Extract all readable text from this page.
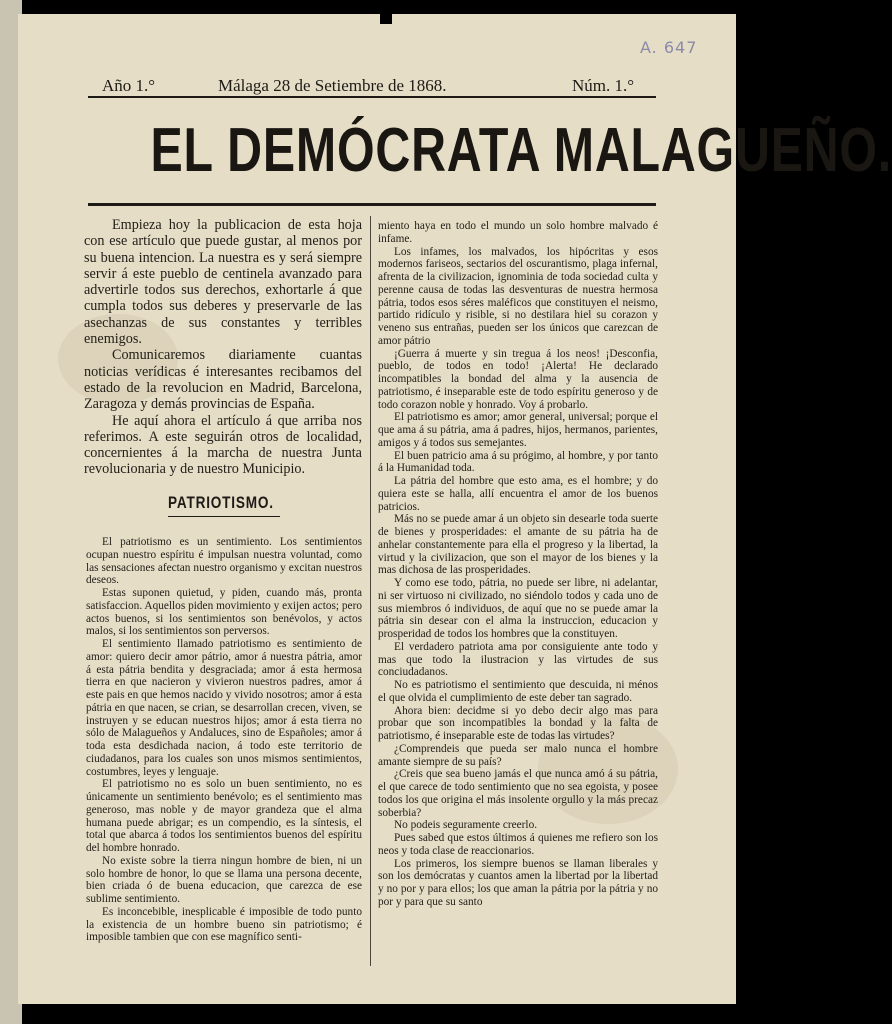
A. 647
Año 1.°	Málaga 28 de Setiembre de 1868.	Núm. 1.°
EL DEMÓCRATA MALAGUEÑO.

Empieza hoy la publicacion de esta hoja con ese artículo que puede gustar, al menos por su buena intencion. La nuestra es y será siempre servir á este pueblo de centinela avanzado para advertirle todos sus derechos, exhortarle á que cumpla todos sus deberes y preservarle de las asechanzas de sus constantes y terribles enemigos.

Comunicaremos diariamente cuantas noticias verídicas é interesantes recibamos del estado de la revolucion en Madrid, Barcelona, Zaragoza y demás provincias de España.

He aquí ahora el artículo á que arriba nos referimos. A este seguirán otros de localidad, concernientes á la marcha de nuestra Junta revolucionaria y de nuestro Municipio.

PATRIOTISMO.

El patriotismo es un sentimiento. Los sentimientos ocupan nuestro espíritu é impulsan nuestra voluntad, como las sensaciones afectan nuestro organismo y excitan nuestros deseos.

Estas suponen quietud, y piden, cuando más, pronta satisfaccion. Aquellos piden movimiento y exijen actos; pero actos buenos, si los sentimientos son benévolos, y actos malos, si los sentimientos son perversos.

El sentimiento llamado patriotismo es sentimiento de amor: quiero decir amor pátrio, amor á nuestra pátria, amor á esta pátria bendita y desgraciada; amor á esta hermosa tierra en que nacieron y vivieron nuestros padres, amor á este pais en que hemos nacido y vivido nosotros; amor á esta pátria en que nacen, se crian, se desarrollan crecen, viven, se instruyen y se educan nuestros hijos; amor á esta tierra no sólo de Malagueños y Andaluces, sino de Españoles; amor á toda esta desdichada nacion, á todo este territorio de ciudadanos, para los cuales son unos mismos sentimientos, costumbres, leyes y lenguaje.

El patriotismo no es solo un buen sentimiento, no es únicamente un sentimiento benévolo; es el sentimiento mas generoso, mas noble y de mayor grandeza que el alma humana puede abrigar; es un compendio, es la síntesis, el total que abarca á todos los sentimientos buenos del espíritu del hombre honrado.

No existe sobre la tierra ningun hombre de bien, ni un solo hombre de honor, lo que se llama una persona decente, bien criada ó de buena educacion, que carezca de ese sublime sentimiento.

Es inconcebible, inesplicable é imposible de todo punto la existencia de un hombre bueno sin patriotismo; é imposible tambien que con ese magnífico senti-

miento haya en todo el mundo un solo hombre malvado é infame.

Los infames, los malvados, los hipócritas y esos modernos fariseos, sectarios del oscurantismo, plaga infernal, afrenta de la civilizacion, ignominia de toda sociedad culta y perenne causa de todas las desventuras de nuestra hermosa pátria, todos esos séres maléficos que constituyen el neismo, partido ridículo y risible, si no destilara hiel su corazon y veneno sus entrañas, pueden ser los únicos que carezcan de amor pátrio

¡Guerra á muerte y sin tregua á los neos! ¡Desconfia, pueblo, de todos en todo! ¡Alerta! He declarado incompatibles la bondad del alma y la ausencia de patriotismo, é inseparable este de todo espíritu generoso y de todo corazon noble y honrado. Voy á probarlo.

El patriotismo es amor; amor general, universal; porque el que ama á su pátria, ama á padres, hijos, hermanos, parientes, amigos y á todos sus semejantes.

El buen patricio ama á su prógimo, al hombre, y por tanto á la Humanidad toda.

La pátria del hombre que esto ama, es el hombre; y do quiera este se halla, allí encuentra el amor de los buenos patricios.

Más no se puede amar á un objeto sin desearle toda suerte de bienes y prosperidades: el amante de su pátria ha de anhelar constantemente para ella el progreso y la libertad, la virtud y la civilizacion, que son el mayor de los bienes y la mas dichosa de las prosperidades.

Y como ese todo, pátria, no puede ser libre, ni adelantar, ni ser virtuoso ni civilizado, no siéndolo todos y cada uno de sus miembros ó individuos, de aquí que no se puede amar la pátria sin desear con el alma la instruccion, educacion y prosperidad de todos los hombres que la constituyen.

El verdadero patriota ama por consiguiente ante todo y mas que todo la ilustracion y las virtudes de sus conciudadanos.

No es patriotismo el sentimiento que descuida, ni ménos el que olvida el cumplimiento de este deber tan sagrado.

Ahora bien: decidme si yo debo decir algo mas para probar que son incompatibles la bondad y la falta de patriotismo, é inseparable este de todas las virtudes?

¿Comprendeis que pueda ser malo nunca el hombre amante siempre de su país?

¿Creis que sea bueno jamás el que nunca amó á su pátria, el que carece de todo sentimiento que no sea egoista, y posee todos los que origina el más insolente orgullo y la más precaz soberbia?

No podeis seguramente creerlo.

Pues sabed que estos últimos á quienes me refiero son los neos y toda clase de reaccionarios.

Los primeros, los siempre buenos se llaman liberales y son los demócratas y cuantos amen la libertad por la libertad y no por y para ellos; los que aman la pátria por la pátria y no por y para que su santo
